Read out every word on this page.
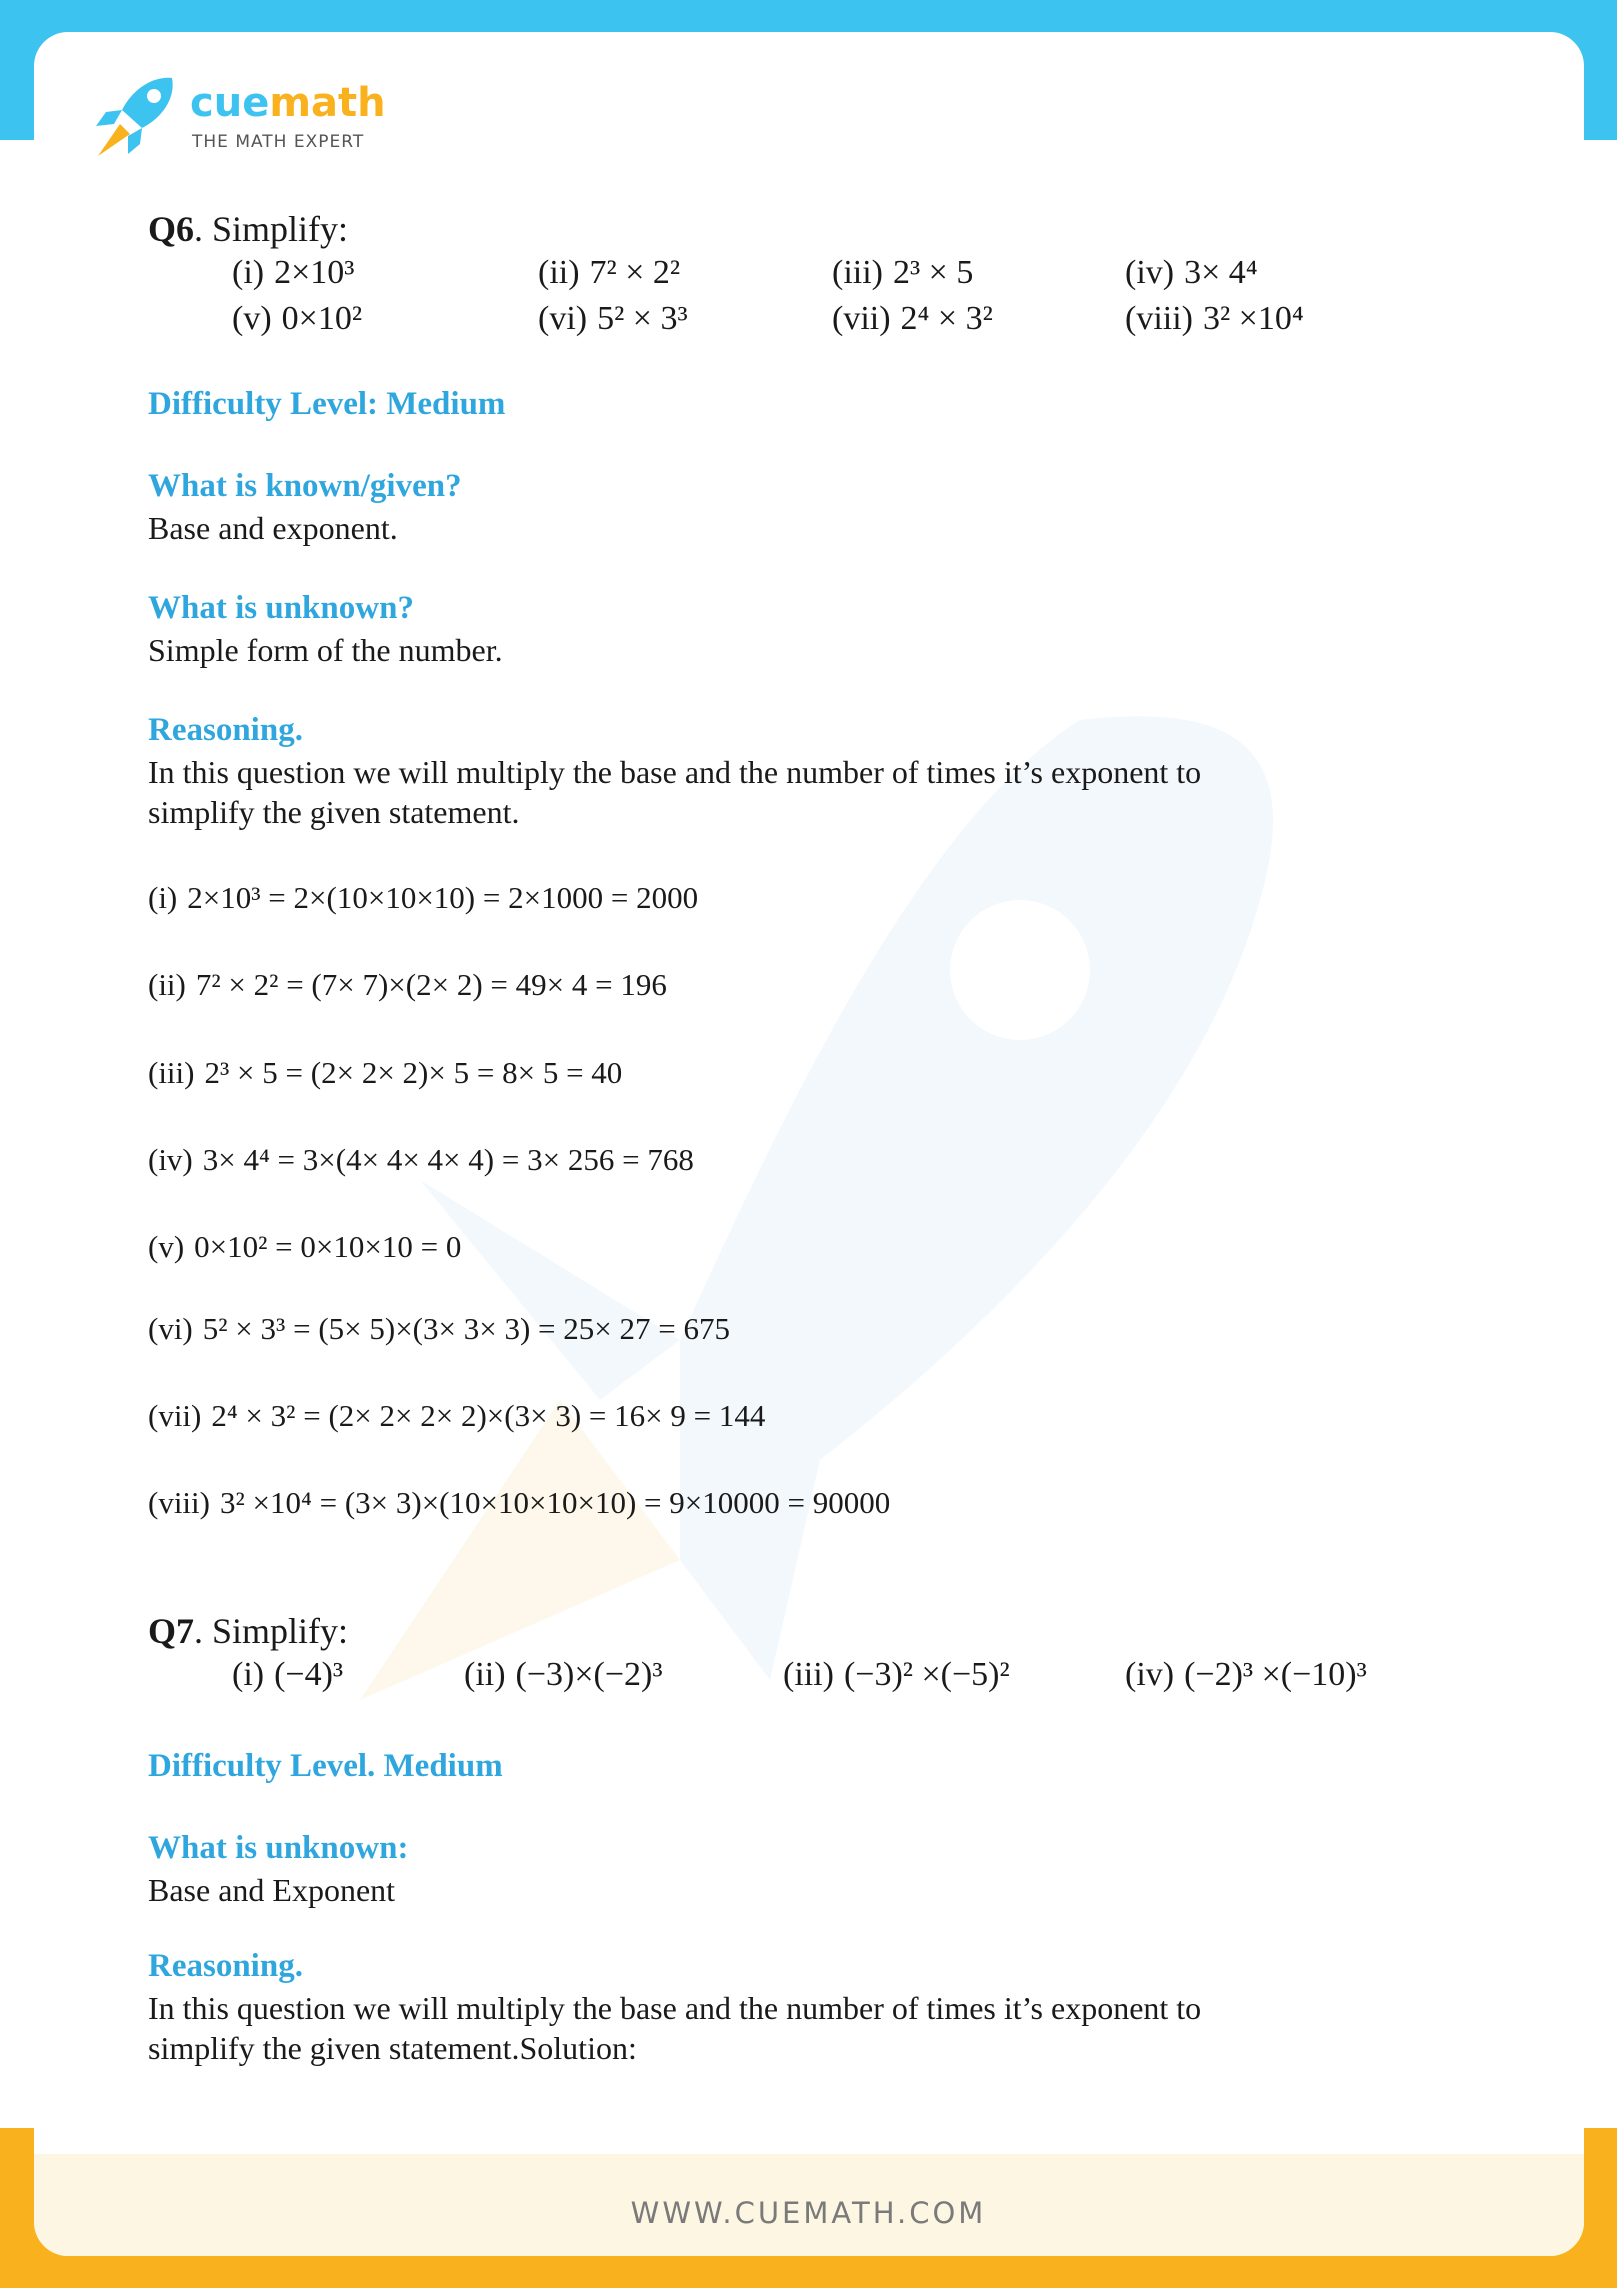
cuemath
THE MATH EXPERT
Q6. Simplify:
(i) 2×10³	(ii) 7² × 2²	(iii) 2³ × 5	(iv) 3× 4⁴
(v) 0×10²	(vi) 5² × 3³	(vii) 2⁴ × 3²	(viii) 3² ×10⁴
Difficulty Level: Medium
What is known/given?
Base and exponent.
What is unknown?
Simple form of the number.
Reasoning.
In this question we will multiply the base and the number of times it’s exponent to
simplify the given statement.
(i) 2×10³ = 2×(10×10×10) = 2×1000 = 2000
(ii) 7² × 2² = (7× 7)×(2× 2) = 49× 4 = 196
(iii) 2³ × 5 = (2× 2× 2)× 5 = 8× 5 = 40
(iv) 3× 4⁴ = 3×(4× 4× 4× 4) = 3× 256 = 768
(v) 0×10² = 0×10×10 = 0
(vi) 5² × 3³ = (5× 5)×(3× 3× 3) = 25× 27 = 675
(vii) 2⁴ × 3² = (2× 2× 2× 2)×(3× 3) = 16× 9 = 144
(viii) 3² ×10⁴ = (3× 3)×(10×10×10×10) = 9×10000 = 90000
Q7. Simplify:
(i) (−4)³	(ii) (−3)×(−2)³	(iii) (−3)² ×(−5)²	(iv) (−2)³ ×(−10)³
Difficulty Level. Medium
What is unknown:
Base and Exponent
Reasoning.
In this question we will multiply the base and the number of times it’s exponent to
simplify the given statement.Solution:
WWW.CUEMATH.COM
